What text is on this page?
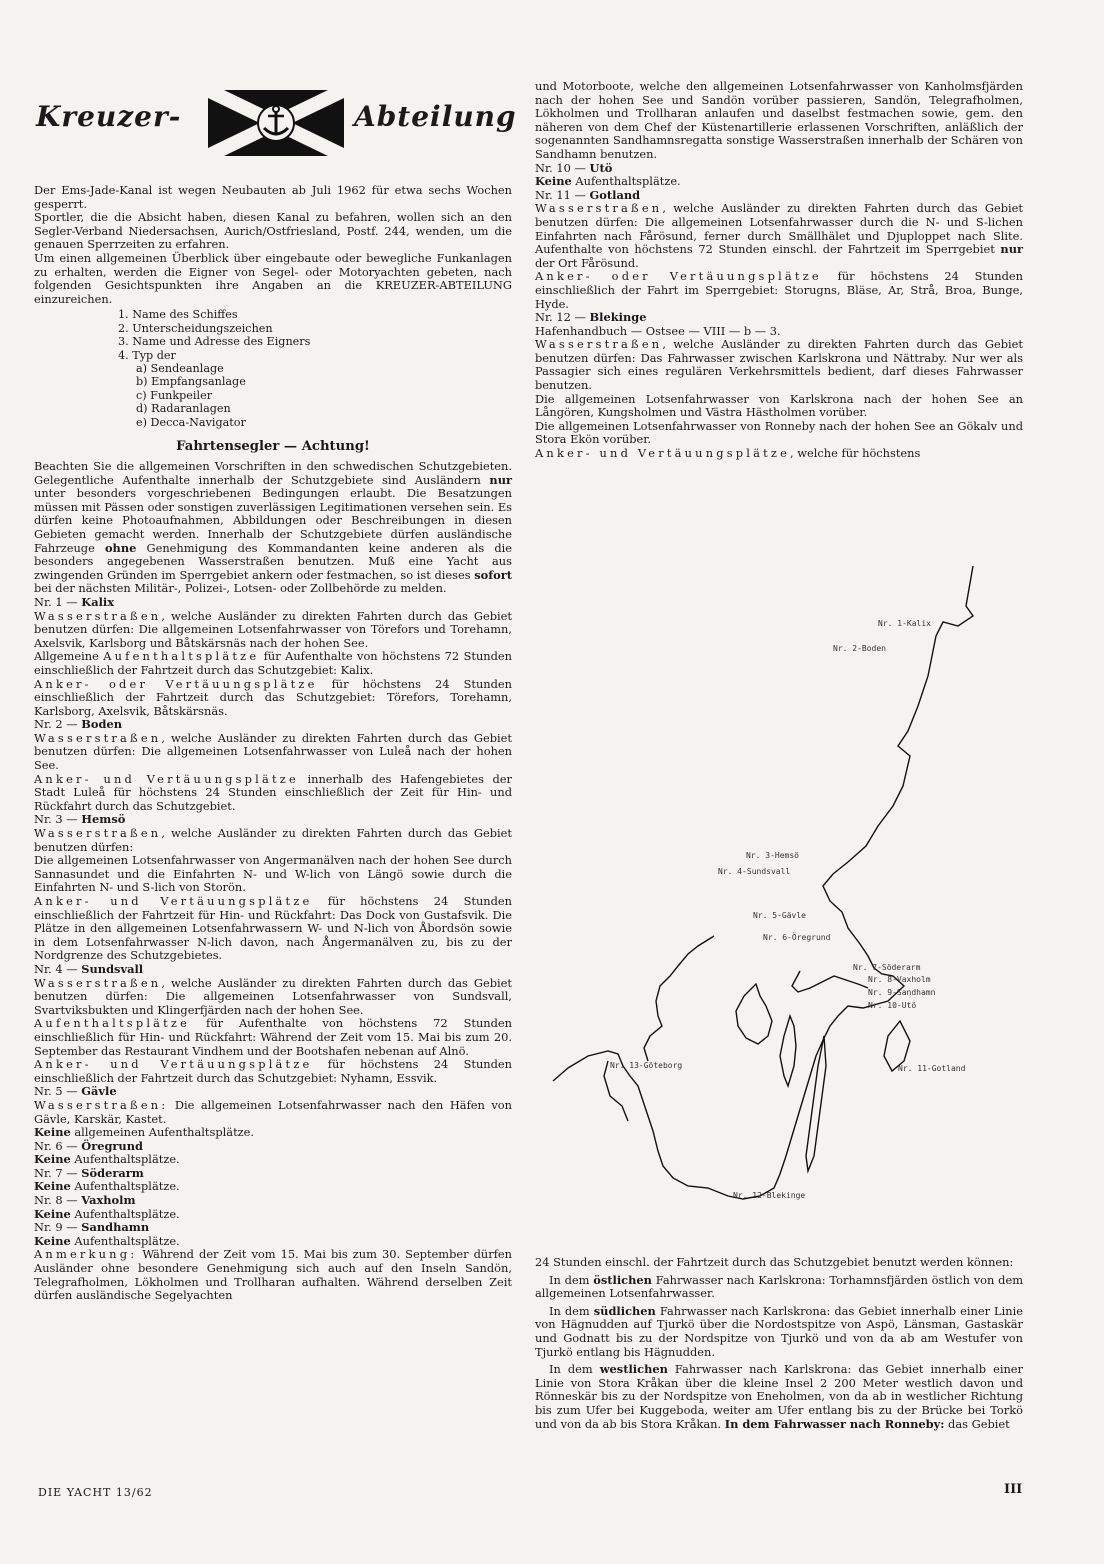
Kreuzer-	Abteilung

Der Ems-Jade-Kanal ist wegen Neubauten ab Juli 1962 für etwa sechs Wochen gesperrt.

Sportler, die die Absicht haben, diesen Kanal zu befahren, wollen sich an den Segler-Verband Niedersachsen, Aurich/Ostfriesland, Postf. 244, wenden, um die genauen Sperrzeiten zu erfahren.

Um einen allgemeinen Überblick über eingebaute oder bewegliche Funkanlagen zu erhalten, werden die Eigner von Segel- oder Motoryachten gebeten, nach folgenden Gesichtspunkten ihre Angaben an die KREUZER-ABTEILUNG einzureichen.

1. Name des Schiffes
2. Unterscheidungszeichen
3. Name und Adresse des Eigners
4. Typ der
a) Sendeanlage
b) Empfangsanlage
c) Funkpeiler
d) Radaranlagen
e) Decca-Navigator
Fahrtensegler — Achtung!

Beachten Sie die allgemeinen Vorschriften in den schwedischen Schutzgebieten. Gelegentliche Aufenthalte innerhalb der Schutzgebiete sind Ausländern nur unter besonders vorgeschriebenen Bedingungen erlaubt. Die Besatzungen müssen mit Pässen oder sonstigen zuverlässigen Legitimationen versehen sein. Es dürfen keine Photoaufnahmen, Abbildungen oder Beschreibungen in diesen Gebieten gemacht werden. Innerhalb der Schutzgebiete dürfen ausländische Fahrzeuge ohne Genehmigung des Kommandanten keine anderen als die besonders angegebenen Wasserstraßen benutzen. Muß eine Yacht aus zwingenden Gründen im Sperrgebiet ankern oder festmachen, so ist dieses sofort bei der nächsten Militär-, Polizei-, Lotsen- oder Zollbehörde zu melden.

Nr. 1 — Kalix

Wasserstraßen, welche Ausländer zu direkten Fahrten durch das Gebiet benutzen dürfen: Die allgemeinen Lotsenfahrwasser von Törefors und Torehamn, Axelsvik, Karlsborg und Båtskärsnäs nach der hohen See.

Allgemeine Aufenthaltsplätze für Aufenthalte von höchstens 72 Stunden einschließlich der Fahrtzeit durch das Schutzgebiet: Kalix.

Anker- oder Vertäuungsplätze für höchstens 24 Stunden einschließlich der Fahrtzeit durch das Schutzgebiet: Törefors, Torehamn, Karlsborg, Axelsvik, Båtskärsnäs.

Nr. 2 — Boden

Wasserstraßen, welche Ausländer zu direkten Fahrten durch das Gebiet benutzen dürfen: Die allgemeinen Lotsenfahrwasser von Luleå nach der hohen See.

Anker- und Vertäuungsplätze innerhalb des Hafengebietes der Stadt Luleå für höchstens 24 Stunden einschließlich der Zeit für Hin- und Rückfahrt durch das Schutzgebiet.

Nr. 3 — Hemsö

Wasserstraßen, welche Ausländer zu direkten Fahrten durch das Gebiet benutzen dürfen:

Die allgemeinen Lotsenfahrwasser von Angermanälven nach der hohen See durch Sannasundet und die Einfahrten N- und W-lich von Längö sowie durch die Einfahrten N- und S-lich von Storön.

Anker- und Vertäuungsplätze für höchstens 24 Stunden einschließlich der Fahrtzeit für Hin- und Rückfahrt: Das Dock von Gustafsvik. Die Plätze in den allgemeinen Lotsenfahrwassern W- und N-lich von Åbordsön sowie in dem Lotsenfahrwasser N-lich davon, nach Ångermanälven zu, bis zu der Nordgrenze des Schutzgebietes.

Nr. 4 — Sundsvall

Wasserstraßen, welche Ausländer zu direkten Fahrten durch das Gebiet benutzen dürfen: Die allgemeinen Lotsenfahrwasser von Sundsvall, Svartviksbukten und Klingerfjärden nach der hohen See.

Aufenthaltsplätze für Aufenthalte von höchstens 72 Stunden einschließlich für Hin- und Rückfahrt: Während der Zeit vom 15. Mai bis zum 20. September das Restaurant Vindhem und der Bootshafen nebenan auf Alnö.

Anker- und Vertäuungsplätze für höchstens 24 Stunden einschließlich der Fahrtzeit durch das Schutzgebiet: Nyhamn, Essvik.

Nr. 5 — Gävle

Wasserstraßen: Die allgemeinen Lotsenfahrwasser nach den Häfen von Gävle, Karskär, Kastet.

Keine allgemeinen Aufenthaltsplätze.

Nr. 6 — Öregrund

Keine Aufenthaltsplätze.

Nr. 7 — Söderarm

Keine Aufenthaltsplätze.

Nr. 8 — Vaxholm

Keine Aufenthaltsplätze.

Nr. 9 — Sandhamn

Keine Aufenthaltsplätze.

Anmerkung: Während der Zeit vom 15. Mai bis zum 30. September dürfen Ausländer ohne besondere Genehmigung sich auch auf den Inseln Sandön, Telegrafholmen, Lökholmen und Trollharan aufhalten. Während derselben Zeit dürfen ausländische Segelyachten

und Motorboote, welche den allgemeinen Lotsenfahrwasser von Kanholmsfjärden nach der hohen See und Sandön vorüber passieren, Sandön, Telegrafholmen, Lökholmen und Trollharan anlaufen und daselbst festmachen sowie, gem. den näheren von dem Chef der Küstenartillerie erlassenen Vorschriften, anläßlich der sogenannten Sandhamnsregatta sonstige Wasserstraßen innerhalb der Schären von Sandhamn benutzen.

Nr. 10 — Utö

Keine Aufenthaltsplätze.

Nr. 11 — Gotland

Wasserstraßen, welche Ausländer zu direkten Fahrten durch das Gebiet benutzen dürfen: Die allgemeinen Lotsenfahrwasser durch die N- und S-lichen Einfahrten nach Fårösund, ferner durch Smällhälet und Djuploppet nach Slite. Aufenthalte von höchstens 72 Stunden einschl. der Fahrtzeit im Sperrgebiet nur der Ort Fårösund.

Anker- oder Vertäuungsplätze für höchstens 24 Stunden einschließlich der Fahrt im Sperrgebiet: Storugns, Bläse, Ar, Strå, Broa, Bunge, Hyde.

Nr. 12 — Blekinge

Hafenhandbuch — Ostsee — VIII — b — 3.

Wasserstraßen, welche Ausländer zu direkten Fahrten durch das Gebiet benutzen dürfen: Das Fahrwasser zwischen Karlskrona und Nättraby. Nur wer als Passagier sich eines regulären Verkehrsmittels bedient, darf dieses Fahrwasser benutzen.

Die allgemeinen Lotsenfahrwasser von Karlskrona nach der hohen See an Långören, Kungsholmen und Västra Hästholmen vorüber.

Die allgemeinen Lotsenfahrwasser von Ronneby nach der hohen See an Gökalv und Stora Ekön vorüber.

Anker- und Vertäuungsplätze, welche für höchstens

Nr. 1-Kalix
Nr. 2-Boden
Nr. 3-Hemsö
Nr. 4-Sundsvall
Nr. 5-Gävle
Nr. 6-Öregrund
Nr. 7-Söderarm
Nr. 8-Vaxholm
Nr. 9-Sandhamn
Nr. 10-Utö
Nr. 11-Gotland
Nr. 13-Göteborg
Nr. 12-Blekinge

24 Stunden einschl. der Fahrtzeit durch das Schutzgebiet benutzt werden können:

In dem östlichen Fahrwasser nach Karlskrona: Torhamnsfjärden östlich von dem allgemeinen Lotsenfahrwasser.

In dem südlichen Fahrwasser nach Karlskrona: das Gebiet innerhalb einer Linie von Hägnudden auf Tjurkö über die Nordostspitze von Aspö, Länsman, Gastaskär und Godnatt bis zu der Nordspitze von Tjurkö und von da ab am Westufer von Tjurkö entlang bis Hägnudden.

In dem westlichen Fahrwasser nach Karlskrona: das Gebiet innerhalb einer Linie von Stora Kråkan über die kleine Insel 2 200 Meter westlich davon und Rönneskär bis zu der Nordspitze von Eneholmen, von da ab in westlicher Richtung bis zum Ufer bei Kuggeboda, weiter am Ufer entlang bis zu der Brücke bei Torkö und von da ab bis Stora Kråkan. In dem Fahrwasser nach Ronneby: das Gebiet

DIE YACHT 13/62	III
